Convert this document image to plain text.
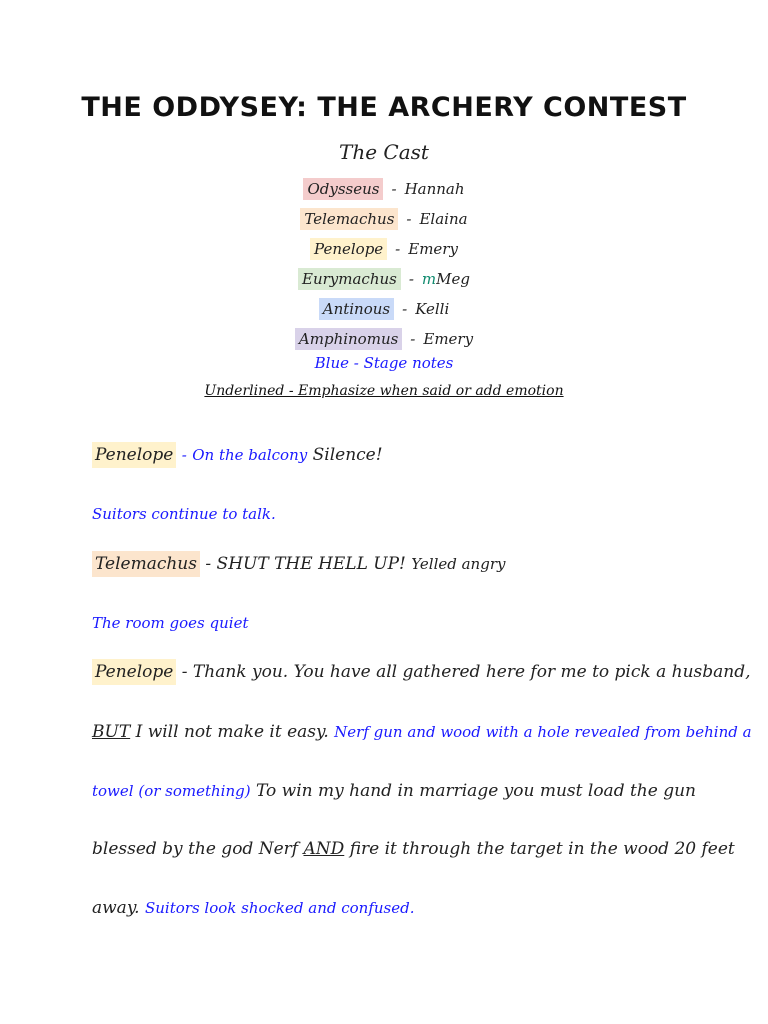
THE ODDYSEY: THE ARCHERY CONTEST
The Cast
Odysseus - Hannah
Telemachus - Elaina
Penelope - Emery
Eurymachus - mMeg
Antinous - Kelli
Amphinomus - Emery
Blue - Stage notes
Underlined - Emphasize when said or add emotion
Penelope - On the balcony Silence!
Suitors continue to talk.
Telemachus - SHUT THE HELL UP! Yelled angry
The room goes quiet
Penelope - Thank you. You have all gathered here for me to pick a husband,
BUT I will not make it easy. Nerf gun and wood with a hole revealed from behind a
towel (or something) To win my hand in marriage you must load the gun
blessed by the god Nerf AND fire it through the target in the wood 20 feet
away. Suitors look shocked and confused.
